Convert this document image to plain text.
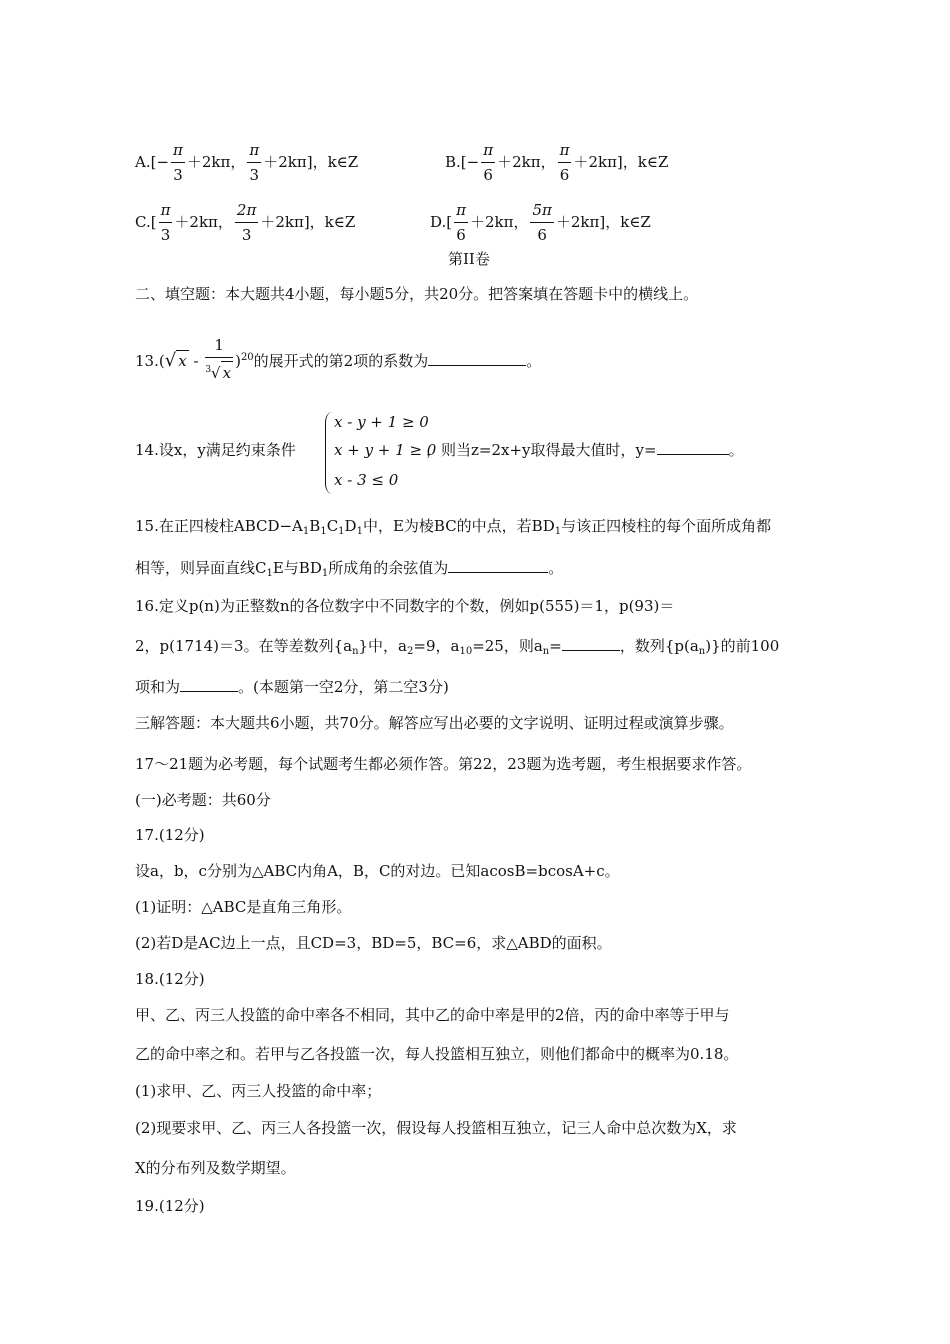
$A.[- \frac{\pi}{3} +2k\pi$， $\frac{\pi}{3} +2k\pi$]，k∈Z	$B.[- \frac{\pi}{6} +2k\pi$， $\frac{\pi}{6} +2k\pi$]，k∈Z
$C.[ \frac{\pi}{3} +2k\pi$， $\frac{2\pi}{3} +2k\pi$]，k∈Z	$D.[ \frac{\pi}{6} +2k\pi$， $\frac{5\pi}{6} +2k\pi$]，k∈Z
第II卷
二、填空题：本大题共4小题，每小题5分，共20分。把答案填在答题卡中的横线上。
13.(√ x - $\frac{1}{^3√ x} )^{20}$的展开式的第2项的系数为	。
14.设x，y满足约束条件
x - y + 1 ≥ 0
x + y + 1 ≥ 0
x - 3 ≤ 0
，则当z=2x+y取得最大值时，y=	。
15.在正四棱柱$ABCD-A_1B_1C_1D_1$中，E为棱BC的中点，若$BD_1$与该正四棱柱的每个面所成角都
相等，则异面直线$C_1E$与$BD_1$所成角的余弦值为	。
16.定义p(n)为正整数n的各位数字中不同数字的个数，例如p(555)＝1，p(93)＝
2，p(1714)＝3。在等差数列$\{a_n\}$中，$a_2=9$，$a_{10}=25$，则$a_n=$	，数列$\{p(a_n)\}$的前100
项和为	。(本题第一空2分，第二空3分)
三解答题：本大题共6小题，共70分。解答应写出必要的文字说明、证明过程或演算步骤。
17～21题为必考题，每个试题考生都必须作答。第22，23题为选考题，考生根据要求作答。
(一)必考题：共60分
17.(12分)
设a，b，c分别为△ABC内角A，B，C的对边。已知acosB=bcosA+c。
(1)证明：△ABC是直角三角形。
(2)若D是AC边上一点，且CD=3，BD=5，BC=6，求△ABD的面积。
18.(12分)
甲、乙、丙三人投篮的命中率各不相同，其中乙的命中率是甲的2倍，丙的命中率等于甲与
乙的命中率之和。若甲与乙各投篮一次，每人投篮相互独立，则他们都命中的概率为0.18。
(1)求甲、乙、丙三人投篮的命中率；
(2)现要求甲、乙、丙三人各投篮一次，假设每人投篮相互独立，记三人命中总次数为X，求
X的分布列及数学期望。
19.(12分)
